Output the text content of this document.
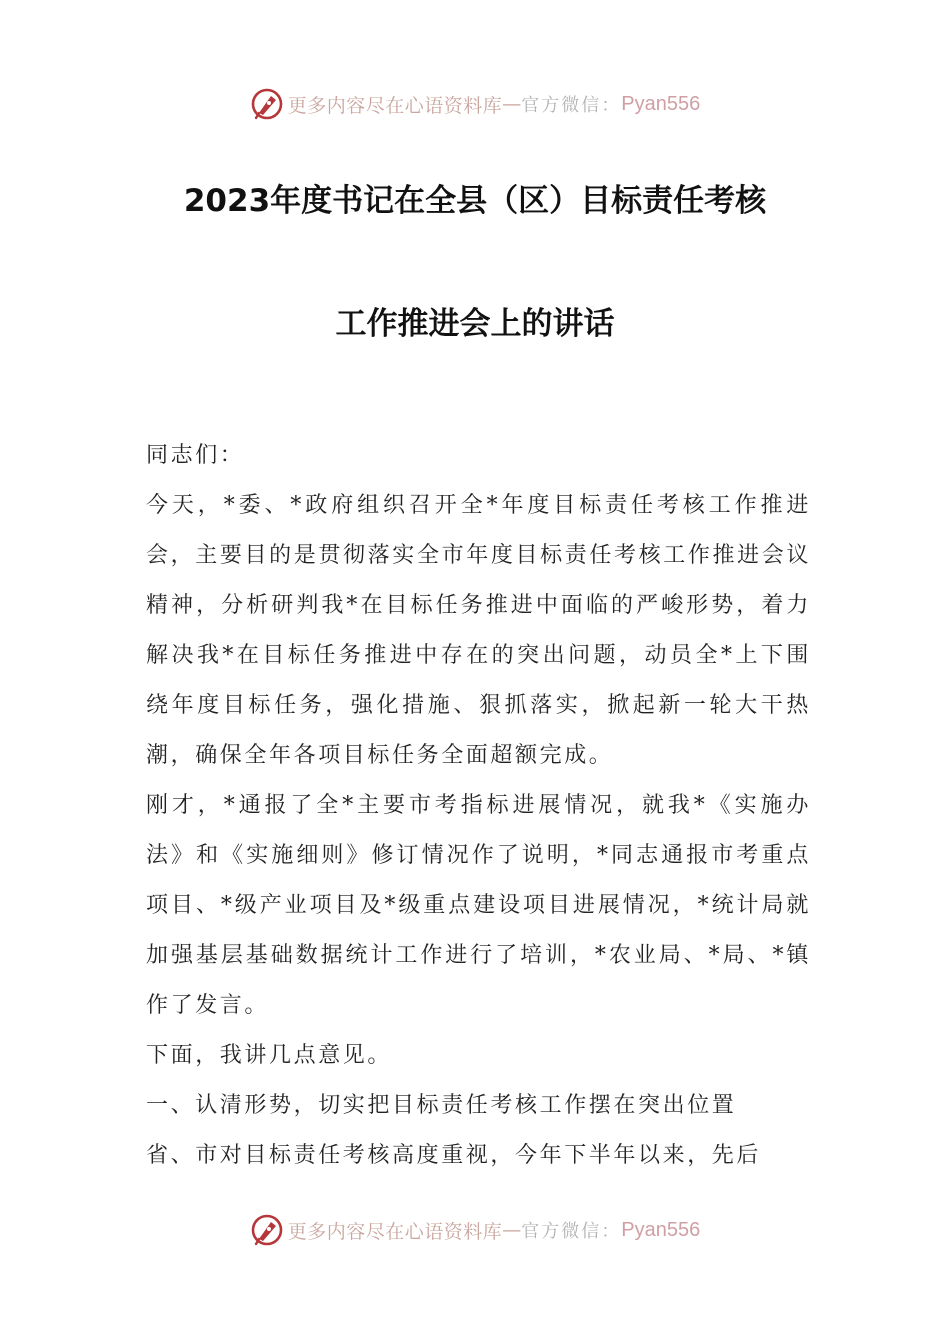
更多内容尽在心语资料库 — 官方微信： Pyan556
2023年度书记在全县（区）目标责任考核
工作推进会上的讲话

同志们：

今天，*委、*政府组织召开全*年度目标责任考核工作推进会，主要目的是贯彻落实全市年度目标责任考核工作推进会议精神，分析研判我*在目标任务推进中面临的严峻形势，着力解决我*在目标任务推进中存在的突出问题，动员全*上下围绕年度目标任务，强化措施、狠抓落实，掀起新一轮大干热潮，确保全年各项目标任务全面超额完成。

刚才，*通报了全*主要市考指标进展情况，就我*《实施办法》和《实施细则》修订情况作了说明，*同志通报市考重点项目、*级产业项目及*级重点建设项目进展情况，*统计局就加强基层基础数据统计工作进行了培训，*农业局、*局、*镇作了发言。

下面，我讲几点意见。

一、认清形势，切实把目标责任考核工作摆在突出位置

省、市对目标责任考核高度重视，今年下半年以来，先后

更多内容尽在心语资料库 — 官方微信： Pyan556
